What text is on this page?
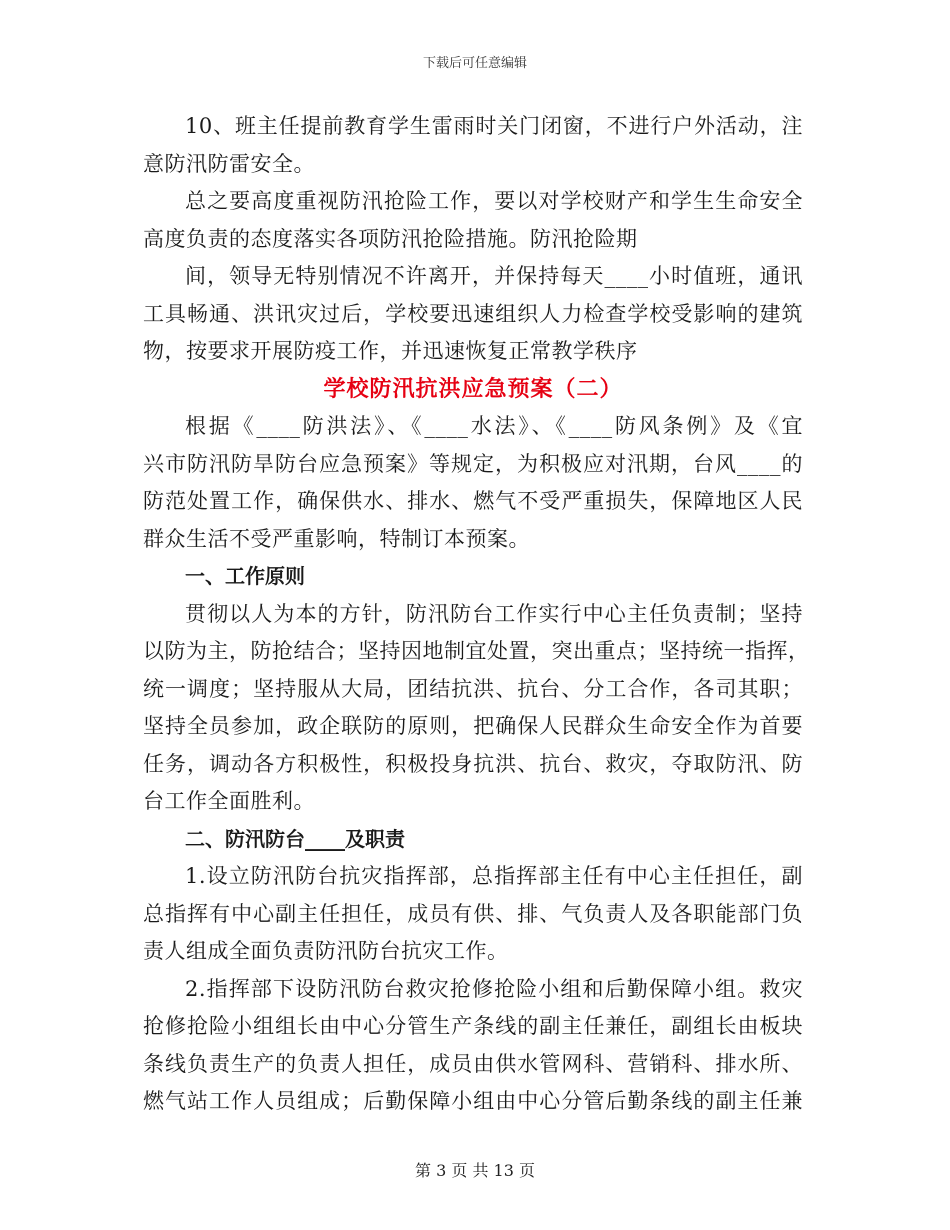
下载后可任意编辑
10、班主任提前教育学生雷雨时关门闭窗，不进行户外活动，注
意防汛防雷安全。
总之要高度重视防汛抢险工作，要以对学校财产和学生生命安全
高度负责的态度落实各项防汛抢险措施。防汛抢险期
间，领导无特别情况不许离开，并保持每天____小时值班，通讯
工具畅通、洪讯灾过后，学校要迅速组织人力检查学校受影响的建筑
物，按要求开展防疫工作，并迅速恢复正常教学秩序
学校防汛抗洪应急预案（二）
根据《____防洪法》、《____水法》、《____防风条例》及《宜
兴市防汛防旱防台应急预案》等规定，为积极应对汛期，台风____的
防范处置工作，确保供水、排水、燃气不受严重损失，保障地区人民
群众生活不受严重影响，特制订本预案。
一、工作原则
贯彻以人为本的方针，防汛防台工作实行中心主任负责制；坚持
以防为主，防抢结合；坚持因地制宜处置，突出重点；坚持统一指挥，
统一调度；坚持服从大局，团结抗洪、抗台、分工合作，各司其职；
坚持全员参加，政企联防的原则，把确保人民群众生命安全作为首要
任务，调动各方积极性，积极投身抗洪、抗台、救灾，夺取防汛、防
台工作全面胜利。
二、防汛防台____及职责
1.设立防汛防台抗灾指挥部，总指挥部主任有中心主任担任，副
总指挥有中心副主任担任，成员有供、排、气负责人及各职能部门负
责人组成全面负责防汛防台抗灾工作。
2.指挥部下设防汛防台救灾抢修抢险小组和后勤保障小组。救灾
抢修抢险小组组长由中心分管生产条线的副主任兼任，副组长由板块
条线负责生产的负责人担任，成员由供水管网科、营销科、排水所、
燃气站工作人员组成；后勤保障小组由中心分管后勤条线的副主任兼
第 3 页 共 13 页
